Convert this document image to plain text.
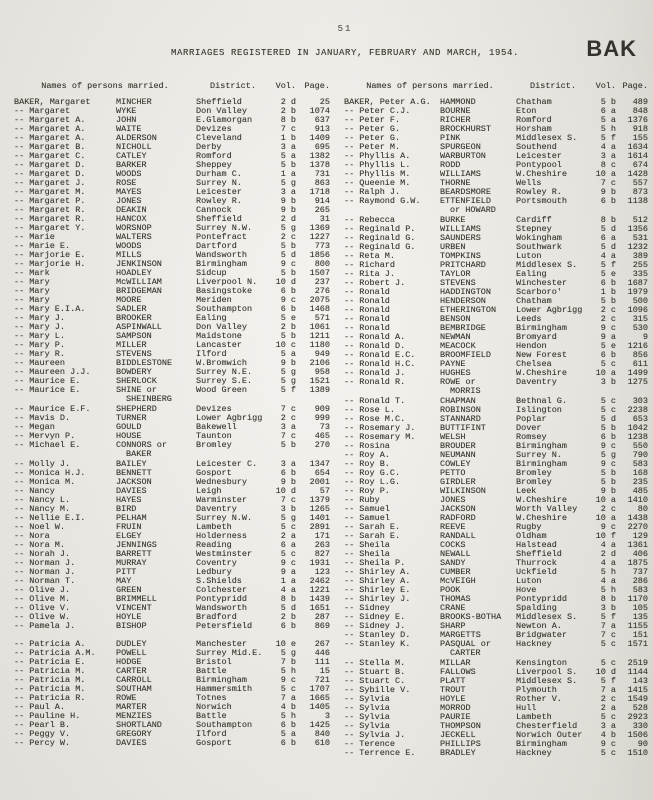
51
MARRIAGES REGISTERED IN JANUARY, FEBRUARY AND MARCH, 1954.	BAK
Names of persons married.	District.	Vol. Page.
BAKER, Margaret	MINCHER	Sheffield	2 d	25
-- Margaret	WYKE	Don Valley	2 b	1074
-- Margaret A.	JOHN	E.Glamorgan	8 b	637
-- Margaret A.	WAITE	Devizes	7 c	913
-- Margaret A.	ALDERSON	Cleveland	1 b	1409
-- Margaret B.	NICHOLL	Derby	3 a	695
-- Margaret C.	CATLEY	Romford	5 a	1382
-- Margaret D.	BARKER	Sheppey	5 b	1378
-- Margaret D.	WOODS	Durham C.	1 a	731
-- Margaret J.	ROSE	Surrey N.	5 g	863
-- Margaret M.	MAYES	Leicester	3 a	1718
-- Margaret P.	JONES	Rowley R.	9 b	914
-- Margaret R.	DEAKIN	Cannock	9 b	265
-- Margaret R.	HANCOX	Sheffield	2 d	31
-- Margaret Y.	WORSNOP	Surrey N.W.	5 g	1369
-- Marie	WALTERS	Pontefract	2 c	1227
-- Marie E.	WOODS	Dartford	5 b	773
-- Marjorie E.	MILLS	Wandsworth	5 d	1856
-- Marjorie H.	JENKINSON	Birmingham	9 c	800
-- Mark	HOADLEY	Sidcup	5 b	1507
-- Mary	McWILLIAM	Liverpool N.	10 d	237
-- Mary	BRIDGEMAN	Basingstoke	6 b	276
-- Mary	MOORE	Meriden	9 c	2075
-- Mary E.I.A.	SADLER	Southampton	6 b	1468
-- Mary J.	BROOKER	Ealing	5 e	571
-- Mary J.	ASPINWALL	Don Valley	2 b	1061
-- Mary L.	SAMPSON	Maidstone	5 b	1211
-- Mary P.	MILLER	Lancaster	10 c	1180
-- Mary R.	STEVENS	Ilford	5 a	949
-- Maureen	BIDDLESTONE	W.Bromwich	9 b	2106
-- Maureen J.J.	BOWDERY	Surrey N.E.	5 g	958
-- Maurice E.	SHERLOCK	Surrey S.E.	5 g	1521
-- Maurice E.	SHINE or	Wood Green	5 f	1389
SHEINBERG
-- Maurice E.F.	SHEPHERD	Devizes	7 c	909
-- Mavis D.	TURNER	Lower Agbrigg	2 c	999
-- Megan	GOULD	Bakewell	3 a	73
-- Mervyn P.	HOUSE	Taunton	7 c	465
-- Michael E.	CONNORS or	Bromley	5 b	270
BAKER
-- Molly J.	BAILEY	Leicester C.	3 a	1347
-- Monica H.J.	BENNETT	Gosport	6 b	654
-- Monica M.	JACKSON	Wednesbury	9 b	2001
-- Nancy	DAVIES	Leigh	10 d	57
-- Nancy L.	HAYES	Warminster	7 c	1379
-- Nancy M.	BIRD	Daventry	3 b	1265
-- Nellie E.I.	PELHAM	Surrey N.W.	5 g	1401
-- Noel W.	FRUIN	Lambeth	5 c	2891
-- Nora	ELGEY	Holderness	2 a	171
-- Nora M.	JENNINGS	Reading	6 a	263
-- Norah J.	BARRETT	Westminster	5 c	827
-- Norman J.	MURRAY	Coventry	9 c	1931
-- Norman J.	PITT	Ledbury	9 a	123
-- Norman T.	MAY	S.Shields	1 a	2462
-- Olive J.	GREEN	Colchester	4 a	1221
-- Olive M.	BRIMMELL	Pontypridd	8 b	1439
-- Olive V.	VINCENT	Wandsworth	5 d	1651
-- Olive W.	HOYLE	Bradford	2 b	287
-- Pamela J.	BISHOP	Petersfield	6 b	869
-- Patricia A.	DUDLEY	Manchester	10 e	267
-- Patricia A.M.	POWELL	Surrey Mid.E.	5 g	446
-- Patricia E.	HODGE	Bristol	7 b	111
-- Patricia M.	CARTER	Battle	5 h	15
-- Patricia M.	CARROLL	Birmingham	9 c	721
-- Patricia M.	SOUTHAM	Hammersmith	5 c	1707
-- Patricia R.	ROWE	Totnes	7 a	1665
-- Paul A.	MARTER	Norwich	4 b	1405
-- Pauline H.	MENZIES	Battle	5 h	3
-- Pearl B.	SHORTLAND	Southampton	6 b	1425
-- Peggy V.	GREGORY	Ilford	5 a	840
-- Percy W.	DAVIES	Gosport	6 b	610
Names of persons married.	District.	Vol. Page.
BAKER, Peter A.G.	HAMMOND	Chatham	5 b	489
-- Peter C.J.	BOURNE	Eton	6 a	848
-- Peter F.	RICHER	Romford	5 a	1376
-- Peter G.	BROCKHURST	Horsham	5 h	918
-- Peter G.	PINK	Middlesex S.	5 f	155
-- Peter M.	SPURGEON	Southend	4 a	1634
-- Phyllis A.	WARBURTON	Leicester	3 a	1614
-- Phyllis L.	RODD	Pontypool	8 c	674
-- Phyllis M.	WILLIAMS	W.Cheshire	10 a	1428
-- Queenie M.	THORNE	Wells	7 c	557
-- Ralph J.	BEARDSMORE	Rowley R.	9 b	873
-- Raymond G.W.	ETTENFIELD	Portsmouth	6 b	1138
or HOWARD
-- Rebecca	BURKE	Cardiff	8 b	512
-- Reginald P.	WILLIAMS	Stepney	5 d	1356
-- Reginald G.	SAUNDERS	Wokingham	6 a	531
-- Reginald G.	URBEN	Southwark	5 d	1232
-- Reta M.	TOMPKINS	Luton	4 a	389
-- Richard	PRITCHARD	Middlesex S.	5 f	255
-- Rita J.	TAYLOR	Ealing	5 e	335
-- Robert J.	STEVENS	Winchester	6 b	1687
-- Ronald	HADDINGTON	Scarboro'	1 b	1979
-- Ronald	HENDERSON	Chatham	5 b	500
-- Ronald	ETHERINGTON	Lower Agbrigg	2 c	1096
-- Ronald	BENSON	Leeds	2 c	315
-- Ronald	BEMBRIDGE	Birmingham	9 c	530
-- Ronald A.	NEWMAN	Bromyard	9 a	9
-- Ronald D.	MEACOCK	Hendon	5 e	1216
-- Ronald E.C.	BROOMFIELD	New Forest	6 b	856
-- Ronald H.C.	PAYNE	Chelsea	5 c	611
-- Ronald J.	HUGHES	W.Cheshire	10 a	1499
-- Ronald R.	ROWE or	Daventry	3 b	1275
MORRIS
-- Ronald T.	CHAPMAN	Bethnal G.	5 c	303
-- Rose L.	ROBINSON	Islington	5 c	2238
-- Rose M.C.	STANNARD	Poplar	5 d	653
-- Rosemary J.	BUTTIFINT	Dover	5 b	1042
-- Rosemary M.	WELSH	Romsey	6 b	1238
-- Rosina	BROUDER	Birmingham	9 c	550
-- Roy A.	NEUMANN	Surrey N.	5 g	790
-- Roy B.	COWLEY	Birmingham	9 c	583
-- Roy G.C.	PETTO	Bromley	5 b	168
-- Roy L.G.	GIRDLER	Bromley	5 b	235
-- Roy P.	WILKINSON	Leek	9 b	485
-- Ruby	JONES	W.Cheshire	10 a	1410
-- Samuel	JACKSON	Worth Valley	2 c	80
-- Samuel	RADFORD	W.Cheshire	10 a	1438
-- Sarah E.	REEVE	Rugby	9 c	2270
-- Sarah E.	RANDALL	Oldham	10 f	129
-- Sheila	COCKS	Halstead	4 a	1361
-- Sheila	NEWALL	Sheffield	2 d	406
-- Sheila P.	SANDY	Thurrock	4 a	1875
-- Shirley A.	CUMBER	Uckfield	5 h	737
-- Shirley A.	McVEIGH	Luton	4 a	286
-- Shirley E.	POOK	Hove	5 h	583
-- Shirley J.	THOMAS	Pontypridd	8 b	1170
-- Sidney	CRANE	Spalding	3 b	105
-- Sidney E.	BROOKS-BOTHA	Middlesex S.	5 f	135
-- Sidney J.	SHARP	Newton A.	7 a	1155
-- Stanley D.	MARGETTS	Bridgwater	7 c	151
-- Stanley K.	PASQUAL or	Hackney	5 c	1571
CARTER
-- Stella M.	MILLAR	Kensington	5 c	2519
-- Stuart B.	FALLOWS	Liverpool S.	10 d	1144
-- Stuart C.	PLATT	Middlesex S.	5 f	143
-- Sybille V.	TROUT	Plymouth	7 a	1415
-- Sylvia	HOYLE	Rother V.	2 c	1549
-- Sylvia	MORROD	Hull	2 a	528
-- Sylvia	PAURIE	Lambeth	5 c	2923
-- Sylvia	THOMPSON	Chesterfield	3 a	330
-- Sylvia J.	JECKELL	Norwich Outer	4 b	1506
-- Terence	PHILLIPS	Birmingham	9 c	90
-- Terrence E.	BRADLEY	Hackney	5 c	1510
